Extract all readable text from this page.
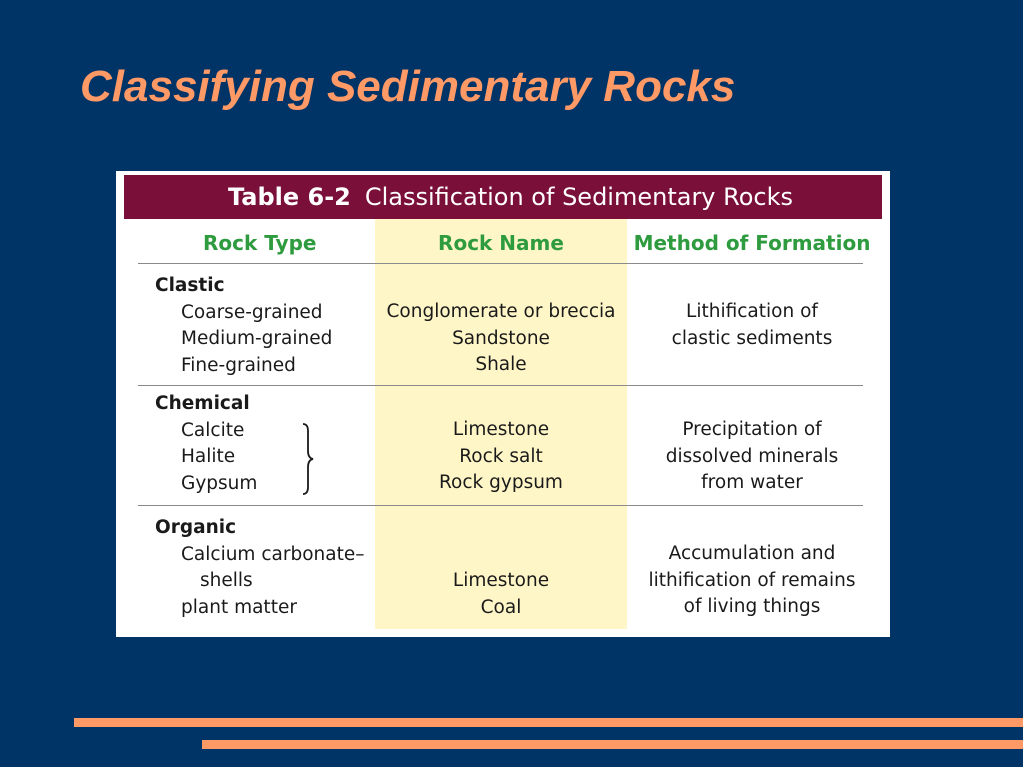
Classifying Sedimentary Rocks
Table 6-2 Classification of Sedimentary Rocks
Rock Type	Rock Name	Method of Formation
Clastic
Coarse-grained
Medium-grained
Fine-grained
Conglomerate or breccia
Sandstone
Shale
Lithification of
clastic sediments
Chemical
Calcite
Halite
Gypsum
Limestone
Rock salt
Rock gypsum
Precipitation of
dissolved minerals
from water
Organic
Calcium carbonate–
shells
plant matter
Limestone
Coal
Accumulation and
lithification of remains
of living things
